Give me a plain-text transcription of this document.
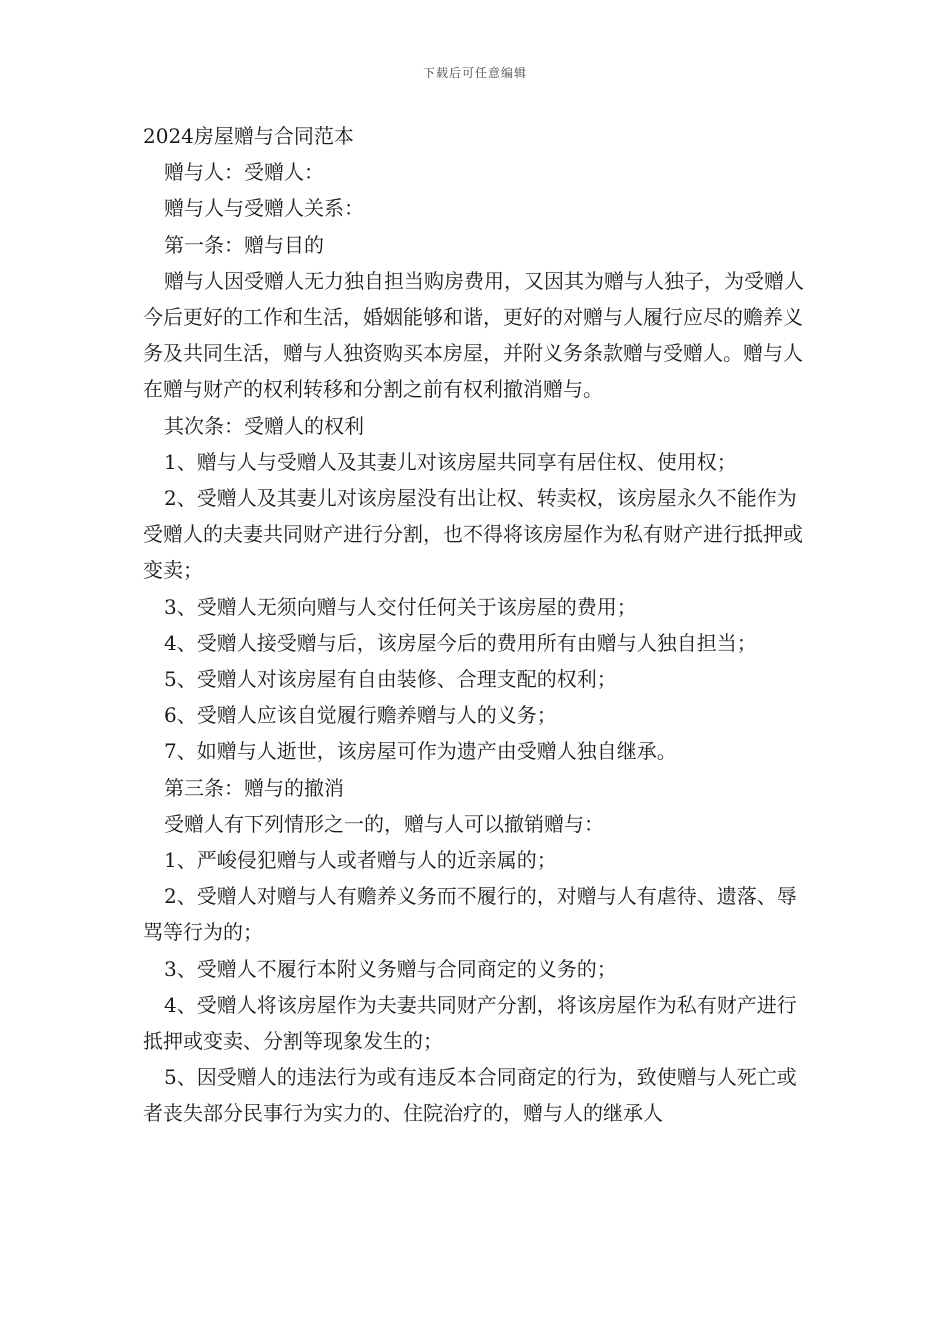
下载后可任意编辑

2024房屋赠与合同范本

赠与人：受赠人：

赠与人与受赠人关系：

第一条：赠与目的

赠与人因受赠人无力独自担当购房费用，又因其为赠与人独子，为受赠人今后更好的工作和生活，婚姻能够和谐，更好的对赠与人履行应尽的赡养义务及共同生活，赠与人独资购买本房屋，并附义务条款赠与受赠人。赠与人在赠与财产的权利转移和分割之前有权利撤消赠与。

其次条：受赠人的权利

1、赠与人与受赠人及其妻儿对该房屋共同享有居住权、使用权；

2、受赠人及其妻儿对该房屋没有出让权、转卖权，该房屋永久不能作为受赠人的夫妻共同财产进行分割，也不得将该房屋作为私有财产进行抵押或变卖；

3、受赠人无须向赠与人交付任何关于该房屋的费用；

4、受赠人接受赠与后，该房屋今后的费用所有由赠与人独自担当；

5、受赠人对该房屋有自由装修、合理支配的权利；

6、受赠人应该自觉履行赡养赠与人的义务；

7、如赠与人逝世，该房屋可作为遗产由受赠人独自继承。

第三条：赠与的撤消

受赠人有下列情形之一的，赠与人可以撤销赠与：

1、严峻侵犯赠与人或者赠与人的近亲属的；

2、受赠人对赠与人有赡养义务而不履行的，对赠与人有虐待、遗落、辱骂等行为的；

3、受赠人不履行本附义务赠与合同商定的义务的；

4、受赠人将该房屋作为夫妻共同财产分割，将该房屋作为私有财产进行抵押或变卖、分割等现象发生的；

5、因受赠人的违法行为或有违反本合同商定的行为，致使赠与人死亡或者丧失部分民事行为实力的、住院治疗的，赠与人的继承人
